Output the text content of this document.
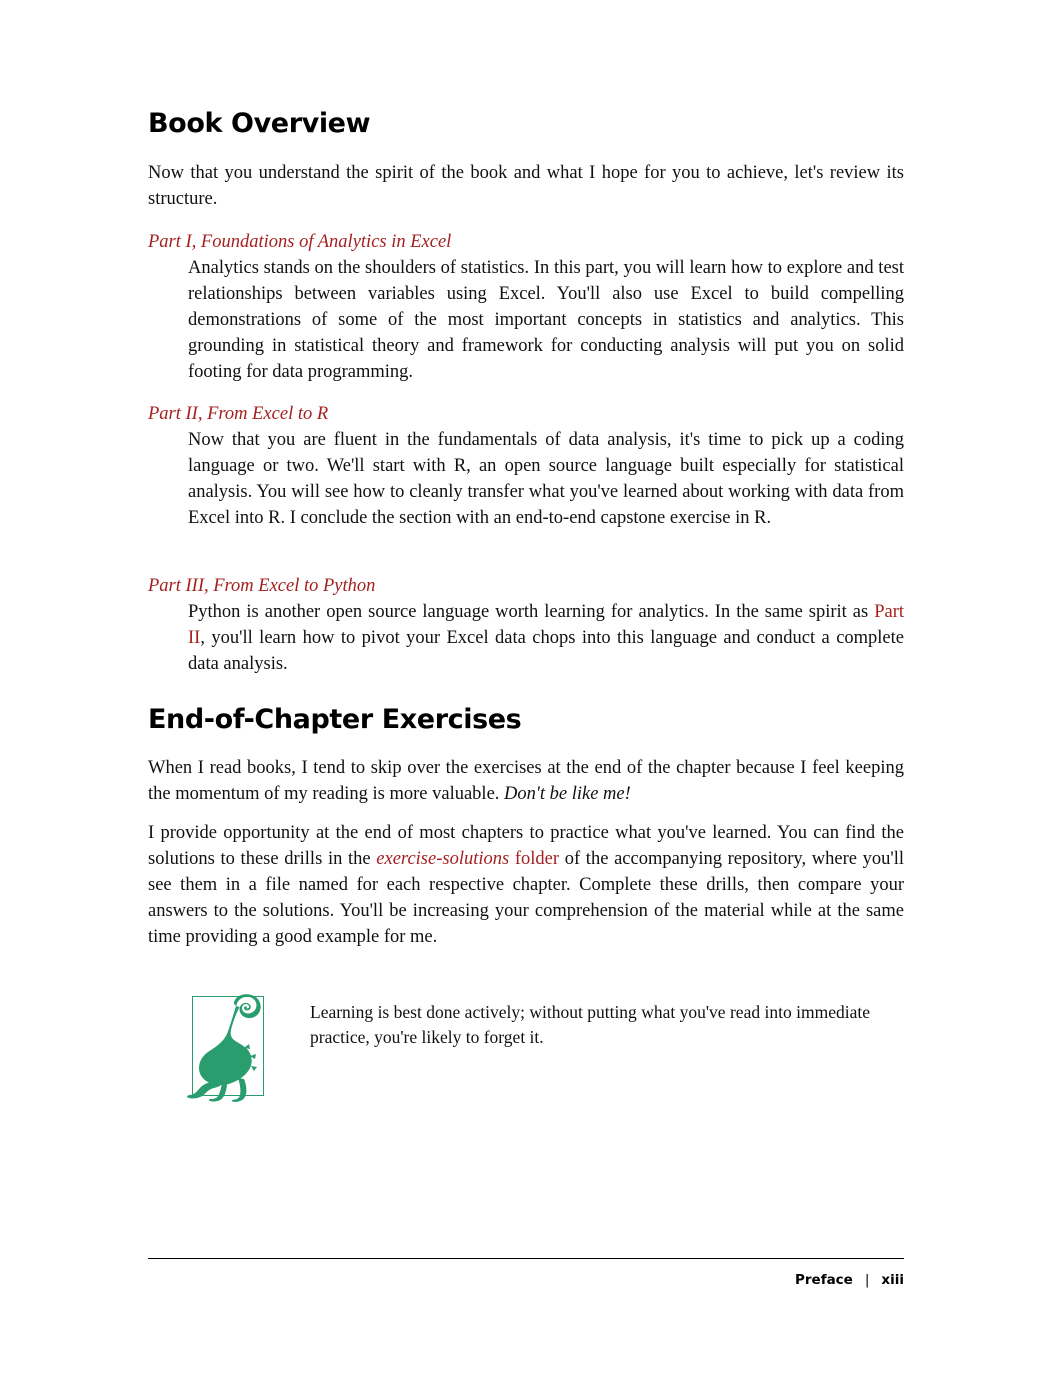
Book Overview

Now that you understand the spirit of the book and what I hope for you to achieve, let's review its structure.

Part I, Foundations of Analytics in Excel

Analytics stands on the shoulders of statistics. In this part, you will learn how to explore and test relationships between variables using Excel. You'll also use Excel to build compelling demonstrations of some of the most important concepts in statistics and analytics. This grounding in statistical theory and framework for conducting analysis will put you on solid footing for data programming.

Part II, From Excel to R

Now that you are fluent in the fundamentals of data analysis, it's time to pick up a coding language or two. We'll start with R, an open source language built especially for statistical analysis. You will see how to cleanly transfer what you've learned about working with data from Excel into R. I conclude the section with an end-to-end capstone exercise in R.

Part III, From Excel to Python

Python is another open source language worth learning for analytics. In the same spirit as Part II, you'll learn how to pivot your Excel data chops into this language and conduct a complete data analysis.

End-of-Chapter Exercises

When I read books, I tend to skip over the exercises at the end of the chapter because I feel keeping the momentum of my reading is more valuable. Don't be like me!

I provide opportunity at the end of most chapters to practice what you've learned. You can find the solutions to these drills in the exercise-solutions folder of the accompanying repository, where you'll see them in a file named for each respective chapter. Complete these drills, then compare your answers to the solutions. You'll be increasing your comprehension of the material while at the same time providing a good example for me.

Learning is best done actively; without putting what you've read into immediate practice, you're likely to forget it.
Preface | xiii
